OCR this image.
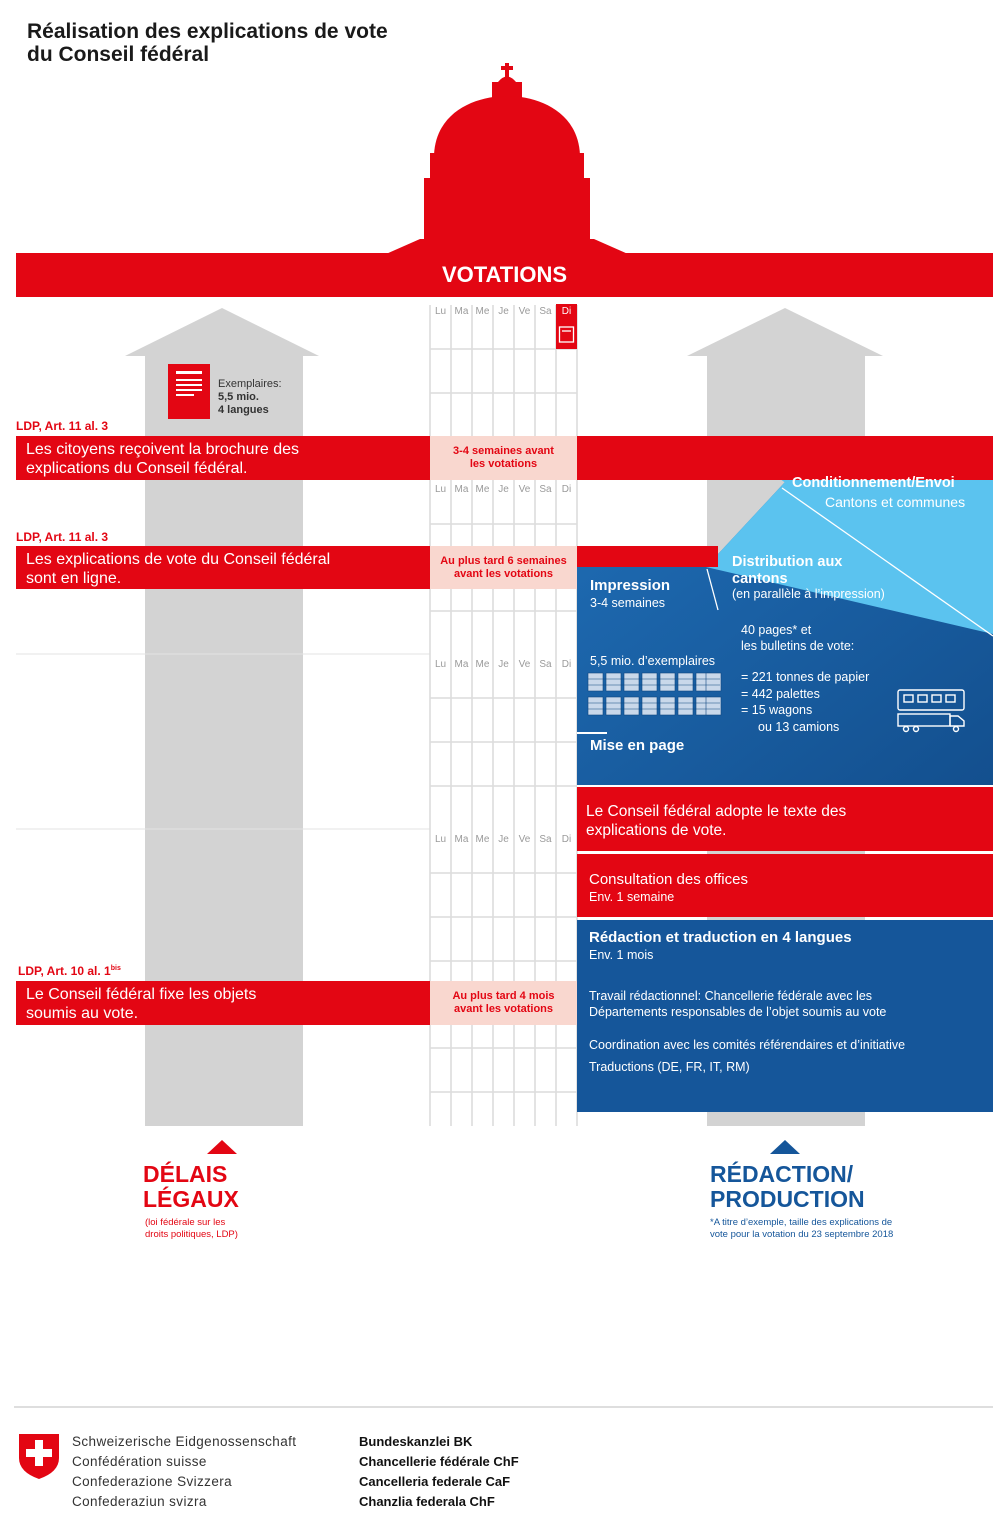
Réalisation des explications de vote
du Conseil fédéral
VOTATIONS
Lu Ma Me Je Ve Sa	Di
Lu Ma Me Je Ve Sa	Di
Lu Ma Me Je Ve Sa	Di
Lu Ma Me Je Ve Sa	Di
Exemplaires:
5,5 mio.
4 langues
LDP, Art. 11 al. 3
Les citoyens reçoivent la brochure des
explications du Conseil fédéral.
3-4 semaines avant
les votations
LDP, Art. 11 al. 3
Les explications de vote du Conseil fédéral
sont en ligne.
Au plus tard 6 semaines
avant les votations
LDP, Art. 10 al. $1^{bis}$
Le Conseil fédéral fixe les objets
soumis au vote.
Au plus tard 4 mois
avant les votations
Conditionnement/Envoi
Cantons et communes
Distribution aux
cantons
(en parallèle à l’impression)
Impression
3-4 semaines
5,5 mio. d’exemplaires
40 pages* et
les bulletins de vote:
= 221 tonnes de papier
= 442 palettes
= 15 wagons
ou 13 camions
Mise en page
Le Conseil fédéral adopte le texte des
explications de vote.
Consultation des offices
Env. 1 semaine
Rédaction et traduction en 4 langues
Env. 1 mois
Travail rédactionnel: Chancellerie fédérale avec les
Départements responsables de l’objet soumis au vote
Coordination avec les comités référendaires et d’initiative
Traductions (DE, FR, IT, RM)
DÉLAIS
LÉGAUX
(loi fédérale sur les
droits politiques, LDP)
RÉDACTION/
PRODUCTION
*A titre d’exemple, taille des explications de
vote pour la votation du 23 septembre 2018
Schweizerische Eidgenossenschaft
Confédération suisse
Confederazione Svizzera
Confederaziun svizra
Bundeskanzlei BK
Chancellerie fédérale ChF
Cancelleria federale CaF
Chanzlia federala ChF
